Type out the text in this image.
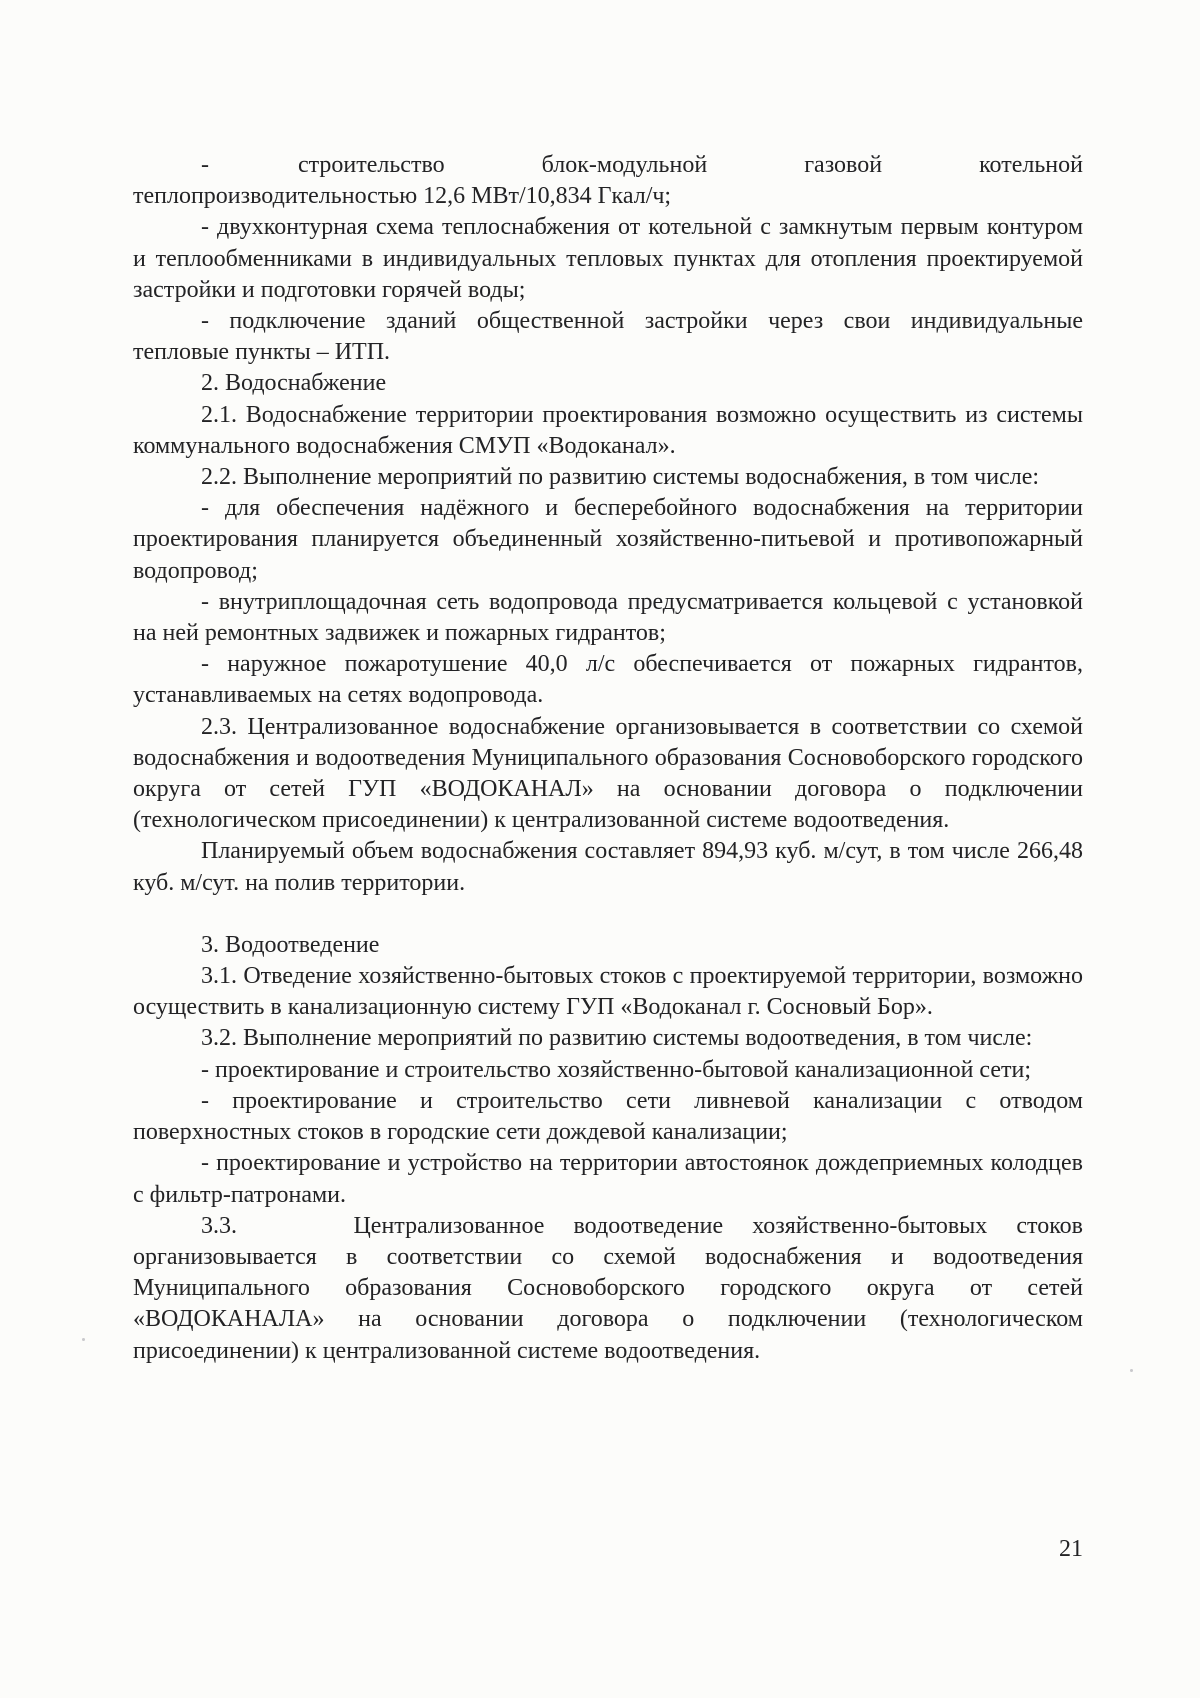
-           строительство            блок-модульной            газовой            котельной теплопроизводительностью 12,6 МВт/10,834 Гкал/ч;

- двухконтурная схема теплоснабжения от котельной с замкнутым первым контуром и теплообменниками в индивидуальных тепловых пунктах для отопления проектируемой застройки и подготовки горячей воды;

- подключение зданий общественной застройки через свои индивидуальные тепловые пункты – ИТП.

2. Водоснабжение

2.1. Водоснабжение территории проектирования возможно осуществить из системы коммунального водоснабжения СМУП «Водоканал».

2.2. Выполнение мероприятий по развитию системы водоснабжения, в том числе:

- для обеспечения надёжного и бесперебойного водоснабжения на территории проектирования планируется объединенный хозяйственно-питьевой и противопожарный водопровод;

- внутриплощадочная сеть водопровода предусматривается кольцевой с установкой на ней ремонтных задвижек и пожарных гидрантов;

- наружное пожаротушение 40,0 л/с обеспечивается от пожарных гидрантов, устанавливаемых на сетях водопровода.

2.3. Централизованное водоснабжение организовывается в соответствии со схемой водоснабжения и водоотведения Муниципального образования Сосновоборского городского округа от сетей ГУП «ВОДОКАНАЛ» на основании договора о подключении (технологическом присоединении) к централизованной системе водоотведения.

Планируемый объем водоснабжения составляет 894,93 куб. м/сут, в том числе 266,48 куб. м/сут. на полив территории.

3. Водоотведение

3.1. Отведение хозяйственно-бытовых стоков с проектируемой территории, возможно осуществить в канализационную систему ГУП «Водоканал г. Сосновый Бор».

3.2. Выполнение мероприятий по развитию системы водоотведения, в том числе:

- проектирование и строительство хозяйственно-бытовой канализационной сети;

- проектирование и строительство сети ливневой канализации с отводом поверхностных стоков в городские сети дождевой канализации;

- проектирование и устройство на территории автостоянок дождеприемных колодцев с фильтр-патронами.

3.3.    Централизованное водоотведение хозяйственно-бытовых стоков организовывается в соответствии со схемой водоснабжения и водоотведения Муниципального образования Сосновоборского городского округа от сетей «ВОДОКАНАЛА» на основании договора о подключении (технологическом присоединении) к централизованной системе водоотведения.

21
